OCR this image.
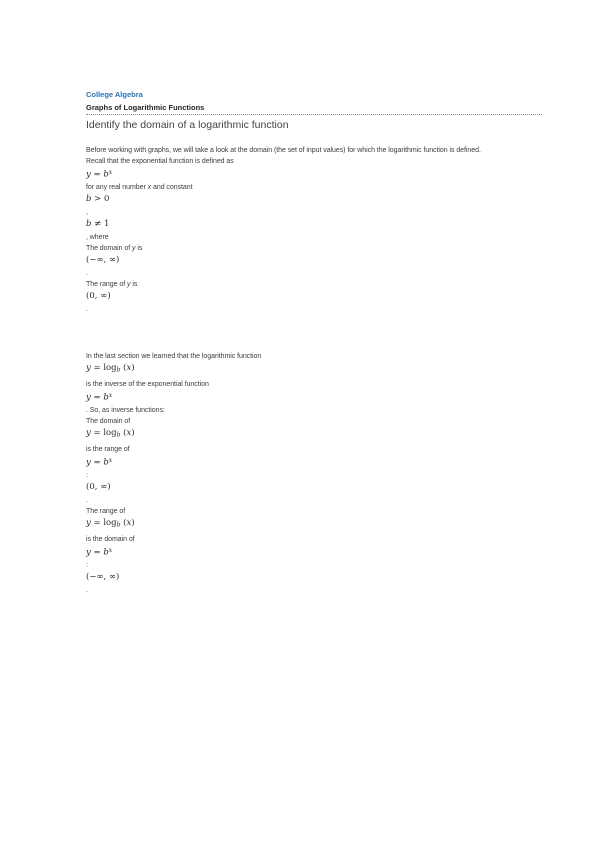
College Algebra
Graphs of Logarithmic Functions
Identify the domain of a logarithmic function
Before working with graphs, we will take a look at the domain (the set of input values) for which the logarithmic function is defined.
Recall that the exponential function is defined as
$y = b^x$
for any real number x and constant
b > 0
,
b ≠ 1
, where
The domain of y is
(−∞, ∞)
.
The range of y is
(0, ∞)
.
In the last section we learned that the logarithmic function
$y = \log_b (x)$
is the inverse of the exponential function
$y = b^x$
. So, as inverse functions:
The domain of
$y = \log_b (x)$
is the range of
$y = b^x$
:
(0, ∞)
.
The range of
$y = \log_b (x)$
is the domain of
$y = b^x$
:
(−∞, ∞)
.
